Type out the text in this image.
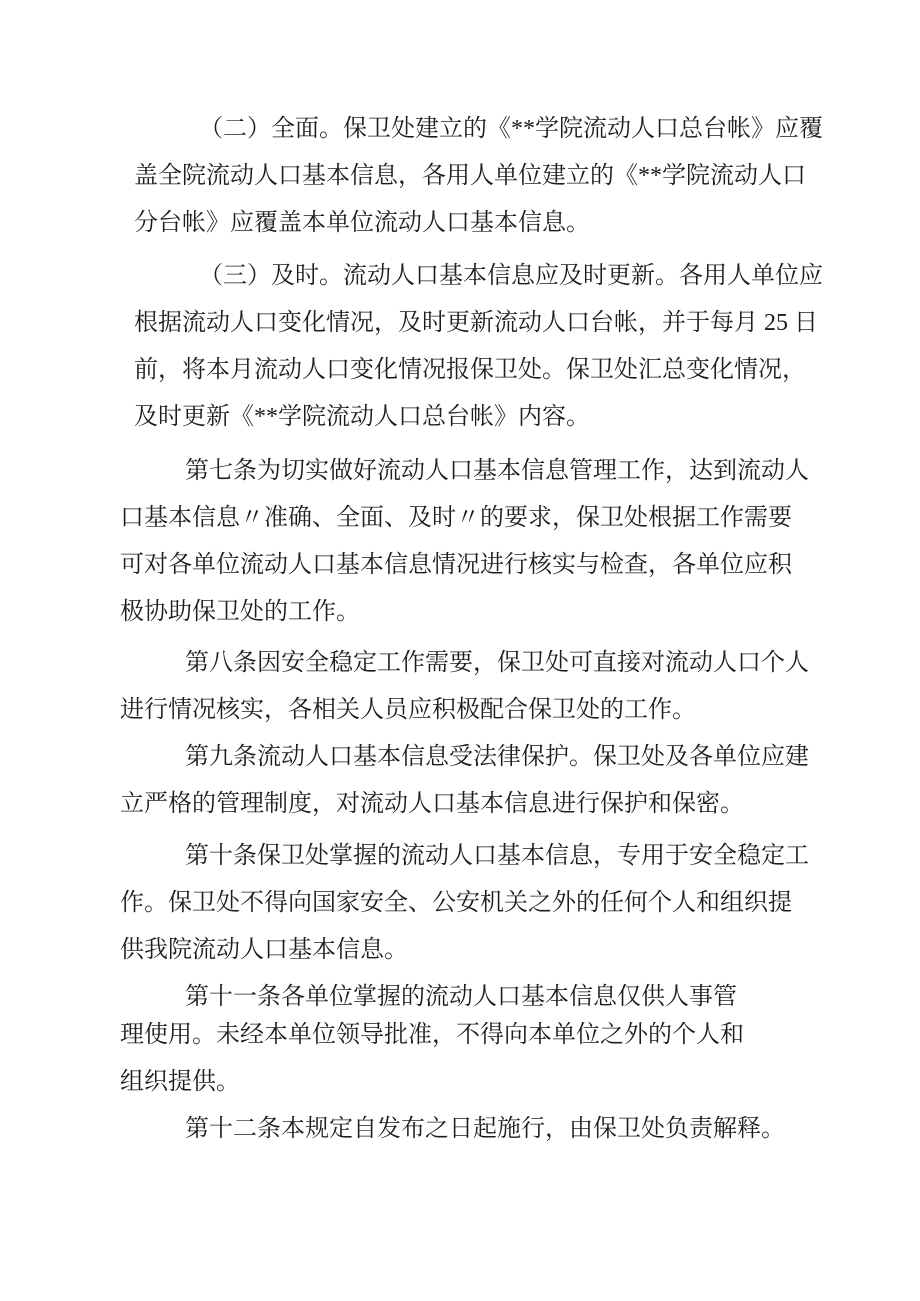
（二）全面。保卫处建立的《**学院流动人口总台帐》应覆
盖全院流动人口基本信息，各用人单位建立的《**学院流动人口
分台帐》应覆盖本单位流动人口基本信息。
（三）及时。流动人口基本信息应及时更新。各用人单位应
根据流动人口变化情况，及时更新流动人口台帐，并于每月 25 日
前，将本月流动人口变化情况报保卫处。保卫处汇总变化情况，
及时更新《**学院流动人口总台帐》内容。
第七条为切实做好流动人口基本信息管理工作，达到流动人
口基本信息〃准确、全面、及时〃的要求，保卫处根据工作需要
可对各单位流动人口基本信息情况进行核实与检查，各单位应积
极协助保卫处的工作。
第八条因安全稳定工作需要，保卫处可直接对流动人口个人
进行情况核实，各相关人员应积极配合保卫处的工作。
第九条流动人口基本信息受法律保护。保卫处及各单位应建
立严格的管理制度，对流动人口基本信息进行保护和保密。
第十条保卫处掌握的流动人口基本信息，专用于安全稳定工
作。保卫处不得向国家安全、公安机关之外的任何个人和组织提
供我院流动人口基本信息。
第十一条各单位掌握的流动人口基本信息仅供人事管
理使用。未经本单位领导批准，不得向本单位之外的个人和
组织提供。
第十二条本规定自发布之日起施行，由保卫处负责解释。
